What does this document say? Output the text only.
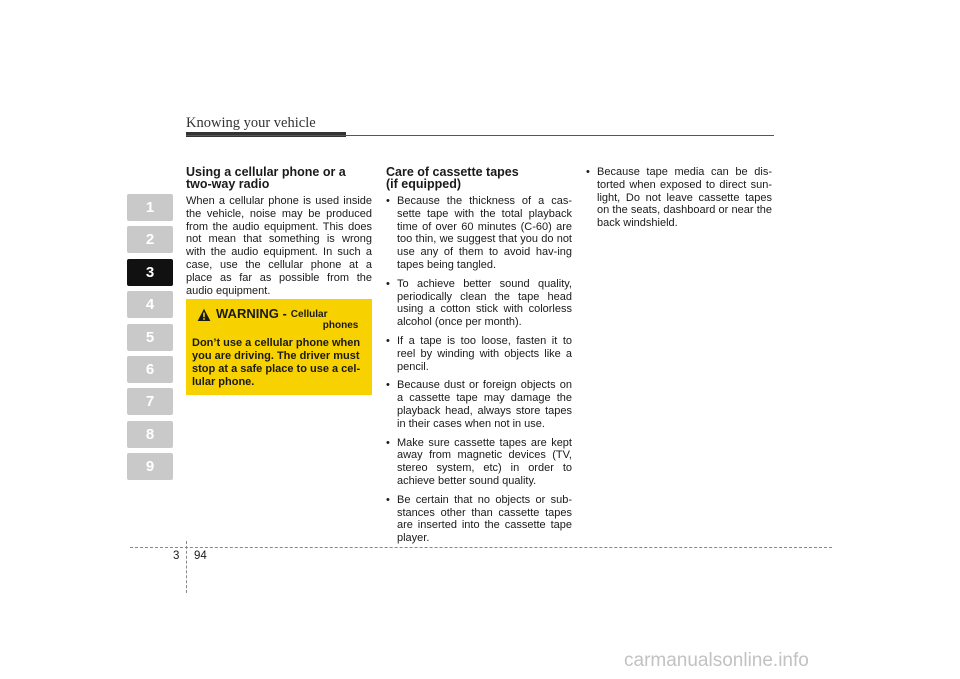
Knowing your vehicle
1
2
3
4
5
6
7
8
9
Using a cellular phone or a
two-way radio

When a cellular phone is used inside the vehicle, noise may be produced from the audio equipment. This does not mean that something is wrong with the audio equipment. In such a case, use the cellular phone at a place as far as possible from the audio equipment.

WARNING - Cellular
phones

Don’t use a cellular phone when you are driving. The driver must stop at a safe place to use a cel-lular phone.

Care of cassette tapes
(if equipped)
• Because the thickness of a cas-sette tape with the total playback time of over 60 minutes (C-60) are too thin, we suggest that you do not use any of them to avoid hav-ing tapes being tangled.
• To achieve better sound quality, periodically clean the tape head using a cotton stick with colorless alcohol (once per month).
• If a tape is too loose, fasten it to reel by winding with objects like a pencil.
• Because dust or foreign objects on a cassette tape may damage the playback head, always store tapes in their cases when not in use.
• Make sure cassette tapes are kept away from magnetic devices (TV, stereo system, etc) in order to achieve better sound quality.
• Be certain that no objects or sub-stances other than cassette tapes are inserted into the cassette tape player.
• Because tape media can be dis-torted when exposed to direct sun-light, Do not leave cassette tapes on the seats, dashboard or near the back windshield.
3 94
carmanualsonline.info
